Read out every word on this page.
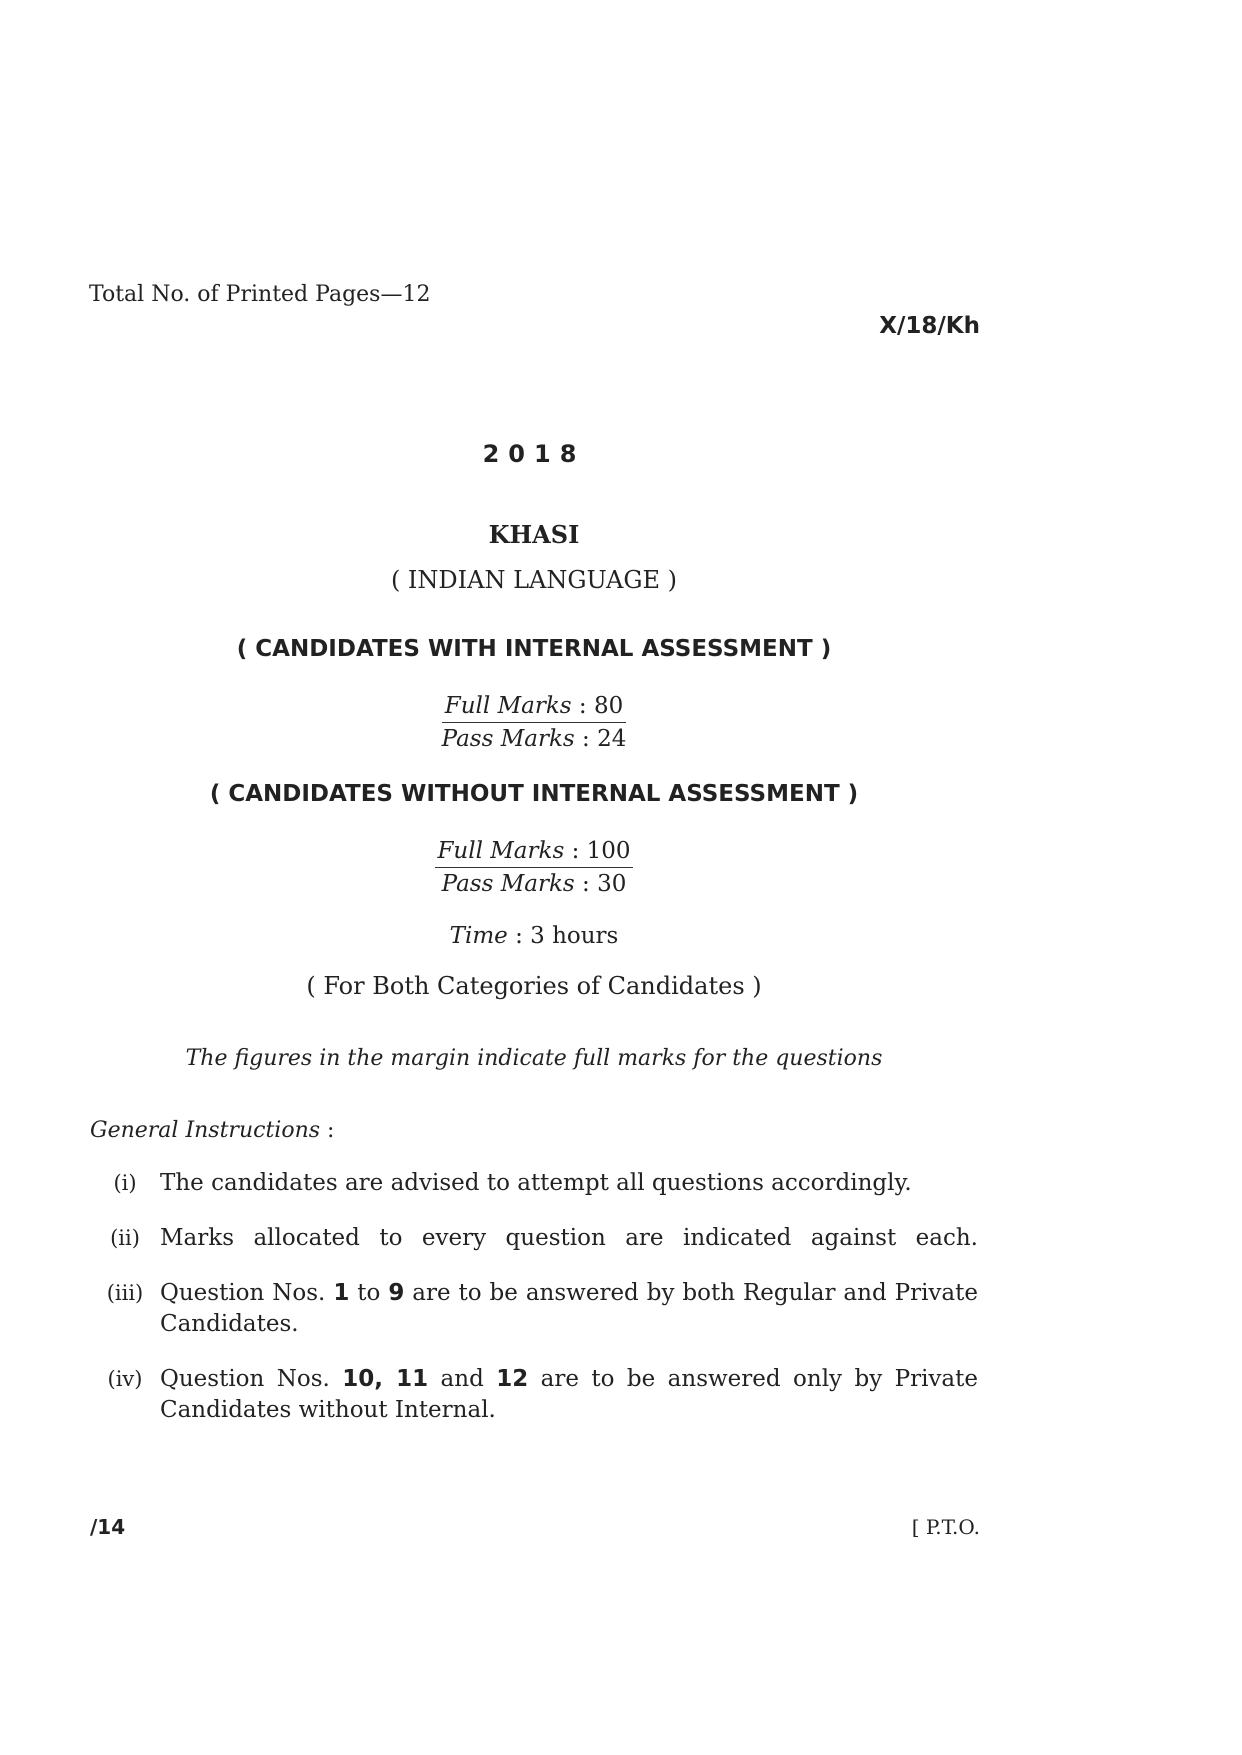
Total No. of Printed Pages—12
X/18/Kh
2018
KHASI
( INDIAN LANGUAGE )
( CANDIDATES WITH INTERNAL ASSESSMENT )
Full Marks : 80
Pass Marks : 24
( CANDIDATES WITHOUT INTERNAL ASSESSMENT )
Full Marks : 100
Pass Marks : 30
Time : 3 hours
( For Both Categories of Candidates )
The figures in the margin indicate full marks for the questions
General Instructions :
(i)	The candidates are advised to attempt all questions accordingly.
(ii) Marks allocated to every question are indicated against each.
(iii) Question Nos. 1 to 9 are to be answered by both Regular and Private Candidates.
(iv) Question Nos. 10, 11 and 12 are to be answered only by Private Candidates without Internal.
/14	[ P.T.O.
